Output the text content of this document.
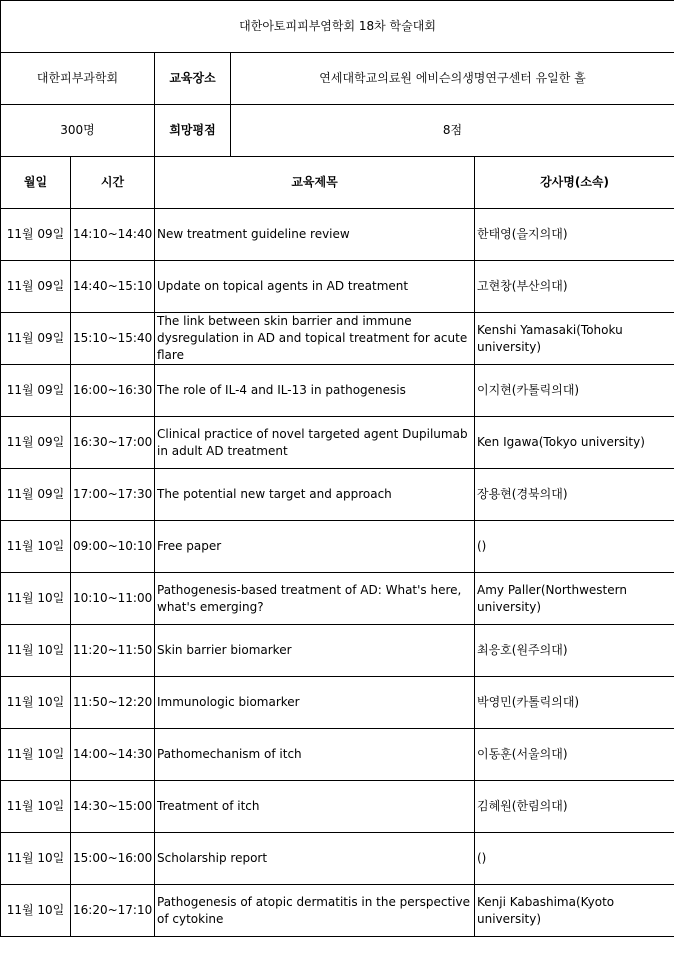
대한아토피피부염학회 18차 학술대회				
대한피부과학회		교육장소	연세대학교의료원 에비슨의생명연구센터 유일한 홀	
300명		희망평점	8점	
월일	시간	교육제목		강사명(소속)
11월 09일	14:10~14:40	New treatment guideline review		한태영(을지의대)
11월 09일	14:40~15:10	Update on topical agents in AD treatment		고현창(부산의대)
11월 09일	15:10~15:40	The link between skin barrier and immune dysregulation in AD and topical treatment for acute flare		Kenshi Yamasaki(Tohoku university)
11월 09일	16:00~16:30	The role of IL-4 and IL-13 in pathogenesis		이지현(카톨릭의대)
11월 09일	16:30~17:00	Clinical practice of novel targeted agent Dupilumab in adult AD treatment		Ken Igawa(Tokyo university)
11월 09일	17:00~17:30	The potential new target and approach		장용현(경북의대)
11월 10일	09:00~10:10	Free paper		()
11월 10일	10:10~11:00	Pathogenesis-based treatment of AD: What's here, what's emerging?		Amy Paller(Northwestern university)
11월 10일	11:20~11:50	Skin barrier biomarker		최응호(원주의대)
11월 10일	11:50~12:20	Immunologic biomarker		박영민(카톨릭의대)
11월 10일	14:00~14:30	Pathomechanism of itch		이동훈(서울의대)
11월 10일	14:30~15:00	Treatment of itch		김혜원(한림의대)
11월 10일	15:00~16:00	Scholarship report		()
11월 10일	16:20~17:10	Pathogenesis of atopic dermatitis in the perspective of cytokine		Kenji Kabashima(Kyoto university)
